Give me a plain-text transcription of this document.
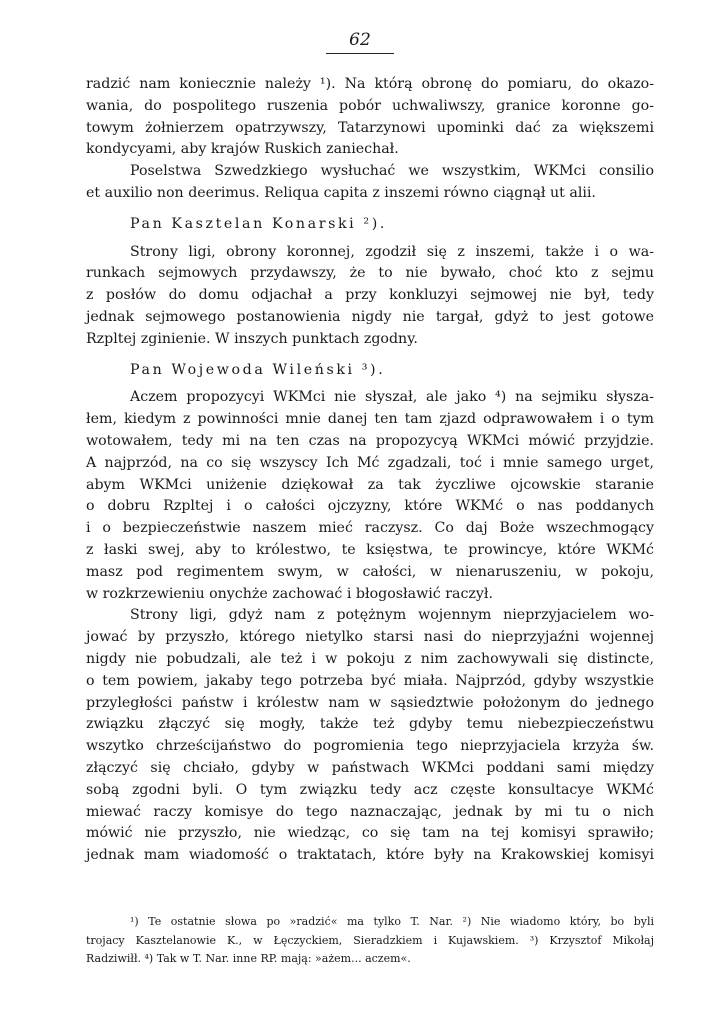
62
radzić nam koniecznie należy ¹). Na którą obronę do pomiaru, do okazo-
wania, do pospolitego ruszenia pobór uchwaliwszy, granice koronne go-
towym żołnierzem opatrzywszy, Tatarzynowi upominki dać za większemi
kondycyami, aby krajów Ruskich zaniechał.
Poselstwa Szwedzkiego wysłuchać we wszystkim, WKMci consilio
et auxilio non deerimus. Reliqua capita z inszemi równo ciągnął ut alii.
Pan Kasztelan Konarski ²).
Strony ligi, obrony koronnej, zgodził się z inszemi, także i o wa-
runkach sejmowych przydawszy, że to nie bywało, choć kto z sejmu
z posłów do domu odjachał a przy konkluzyi sejmowej nie był, tedy
jednak sejmowego postanowienia nigdy nie targał, gdyż to jest gotowe
Rzpltej zginienie. W inszych punktach zgodny.
Pan Wojewoda Wileński ³).
Aczem propozycyi WKMci nie słyszał, ale jako ⁴) na sejmiku słysza-
łem, kiedym z powinności mnie danej ten tam zjazd odprawowałem i o tym
wotowałem, tedy mi na ten czas na propozycyą WKMci mówić przyjdzie.
A najprzód, na co się wszyscy Ich Mć zgadzali, toć i mnie samego urget,
abym WKMci uniżenie dziękował za tak życzliwe ojcowskie staranie
o dobru Rzpltej i o całości ojczyzny, które WKMć o nas poddanych
i o bezpieczeństwie naszem mieć raczysz. Co daj Boże wszechmogący
z łaski swej, aby to królestwo, te księstwa, te prowincye, które WKMć
masz pod regimentem swym, w całości, w nienaruszeniu, w pokoju,
w rozkrzewieniu onychże zachować i błogosławić raczył.
Strony ligi, gdyż nam z potężnym wojennym nieprzyjacielem wo-
jować by przyszło, którego nietylko starsi nasi do nieprzyjaźni wojennej
nigdy nie pobudzali, ale też i w pokoju z nim zachowywali się distincte,
o tem powiem, jakaby tego potrzeba być miała. Najprzód, gdyby wszystkie
przyległości państw i królestw nam w sąsiedztwie położonym do jednego
związku złączyć się mogły, także też gdyby temu niebezpieczeństwu
wszytko chrześcijaństwo do pogromienia tego nieprzyjaciela krzyża św.
złączyć się chciało, gdyby w państwach WKMci poddani sami między
sobą zgodni byli. O tym związku tedy acz częste konsultacye WKMć
miewać raczy komisye do tego naznaczając, jednak by mi tu o nich
mówić nie przyszło, nie wiedząc, co się tam na tej komisyi sprawiło;
jednak mam wiadomość o traktatach, które były na Krakowskiej komisyi
¹) Te ostatnie słowa po »radzić« ma tylko T. Nar. ²) Nie wiadomo który, bo byli
trojacy Kasztelanowie K., w Łęczyckiem, Sieradzkiem i Kujawskiem. ³) Krzysztof Mikołaj
Radziwiłł. ⁴) Tak w T. Nar. inne RP. mają: »ażem... aczem«.
